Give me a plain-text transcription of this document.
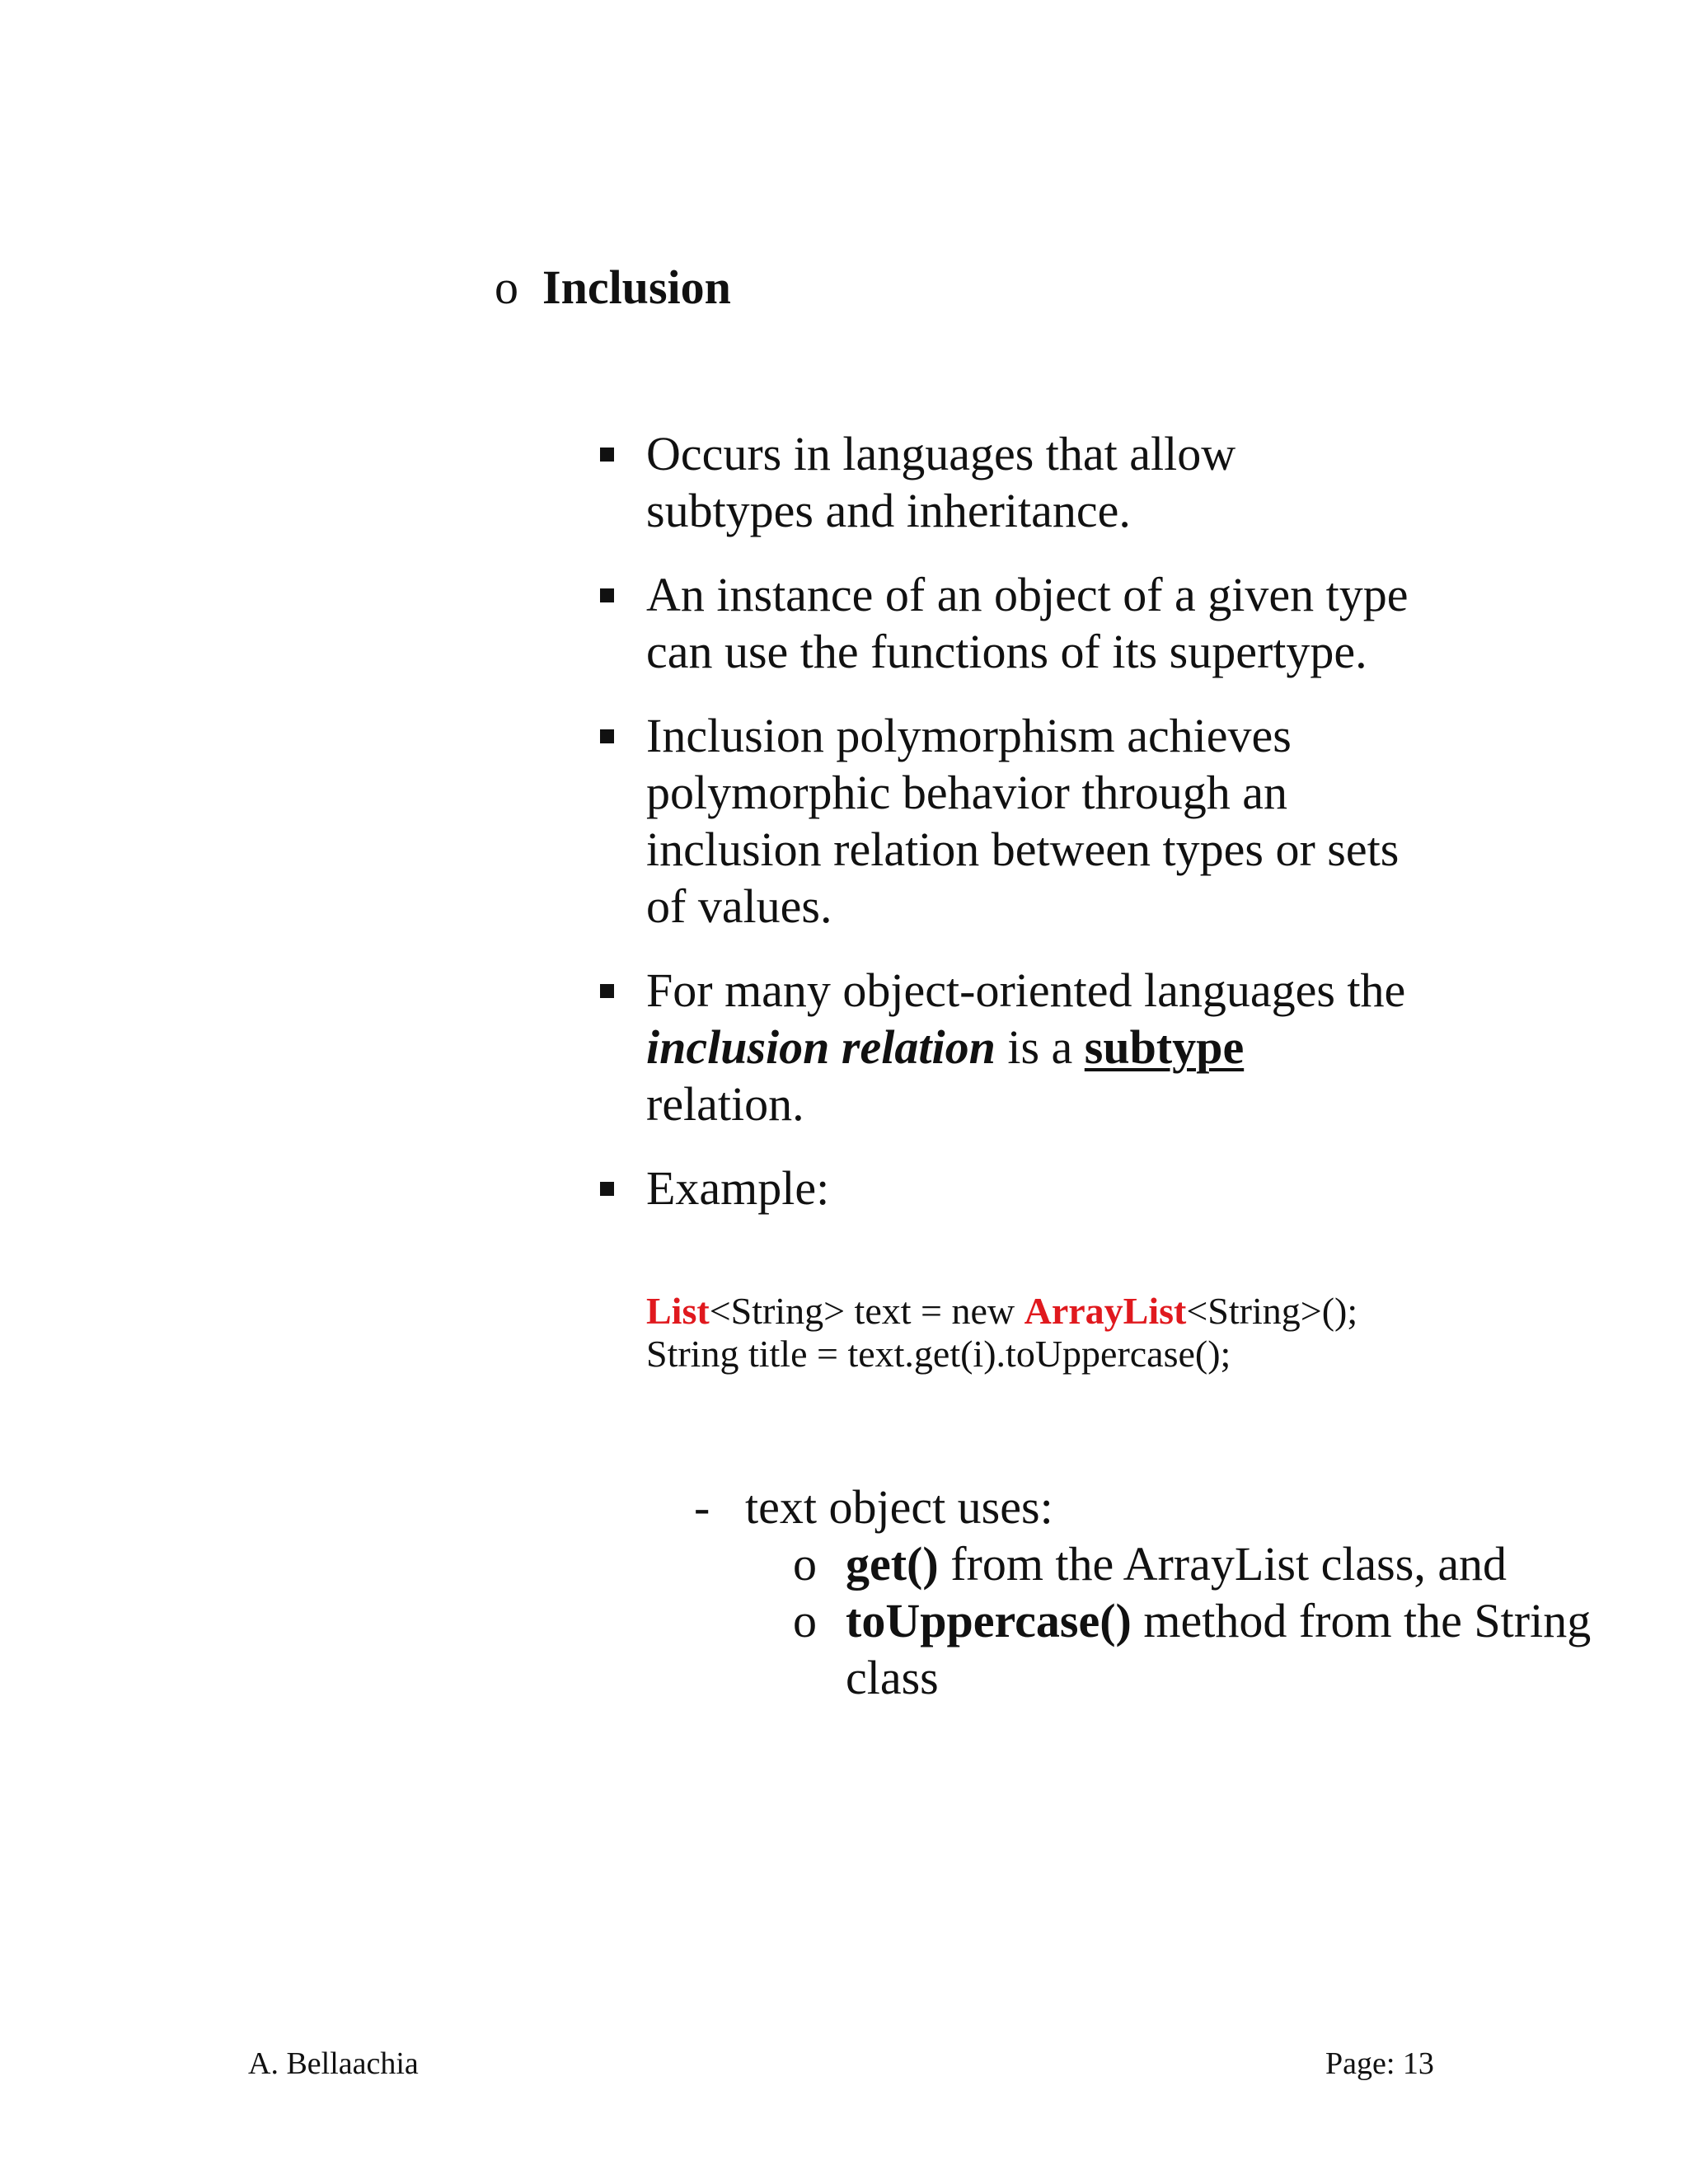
o Inclusion
Occurs in languages that allow
subtypes and inheritance.
An instance of an object of a given type
can use the functions of its supertype.
Inclusion polymorphism achieves
polymorphic behavior through an
inclusion relation between types or sets
of values.
For many object-oriented languages the
inclusion relation is a subtype
relation.
Example:
List<String> text = new ArrayList<String>();
String title = text.get(i).toUppercase();
- text object uses:
o get() from the ArrayList class, and
o toUppercase() method from the String class
A. Bellaachia	Page: 13
